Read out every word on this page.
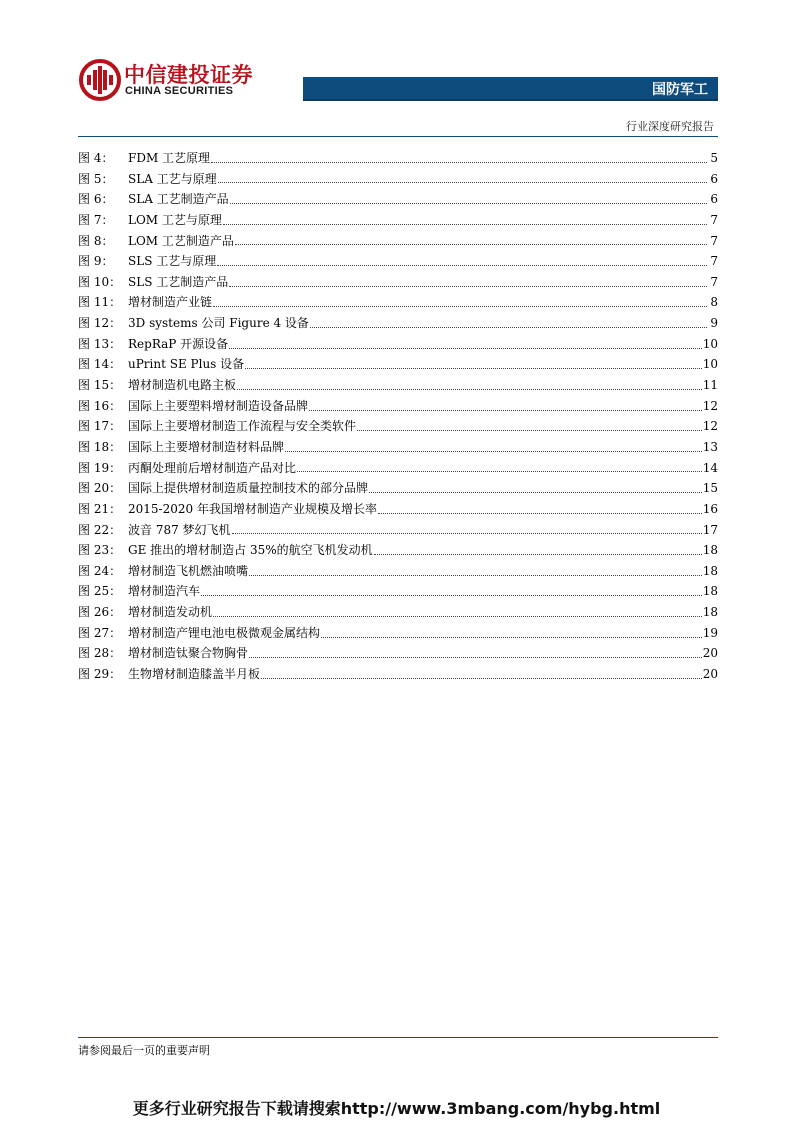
中信建投证券
CHINA SECURITIES	国防军工
行业深度研究报告
图 4：	FDM 工艺原理	5
图 5：	SLA 工艺与原理	6
图 6：	SLA 工艺制造产品	6
图 7：	LOM 工艺与原理	7
图 8：	LOM 工艺制造产品	7
图 9：	SLS 工艺与原理	7
图 10： SLS 工艺制造产品	7
图 11： 增材制造产业链	8
图 12： 3D systems 公司 Figure 4 设备	9
图 13： RepRaP 开源设备	10
图 14： uPrint SE Plus 设备	10
图 15： 增材制造机电路主板	11
图 16： 国际上主要塑料增材制造设备品牌	12
图 17： 国际上主要增材制造工作流程与安全类软件	12
图 18： 国际上主要增材制造材料品牌	13
图 19： 丙酮处理前后增材制造产品对比	14
图 20： 国际上提供增材制造质量控制技术的部分品牌	15
图 21： 2015-2020 年我国增材制造产业规模及增长率	16
图 22： 波音 787 梦幻飞机	17
图 23： GE 推出的增材制造占 35%的航空飞机发动机	18
图 24： 增材制造飞机燃油喷嘴	18
图 25： 增材制造汽车	18
图 26： 增材制造发动机	18
图 27： 增材制造产锂电池电极微观金属结构	19
图 28： 增材制造钛聚合物胸骨	20
图 29： 生物增材制造膝盖半月板	20
请参阅最后一页的重要声明
更多行业研究报告下载请搜索http://www.3mbang.com/hybg.html
